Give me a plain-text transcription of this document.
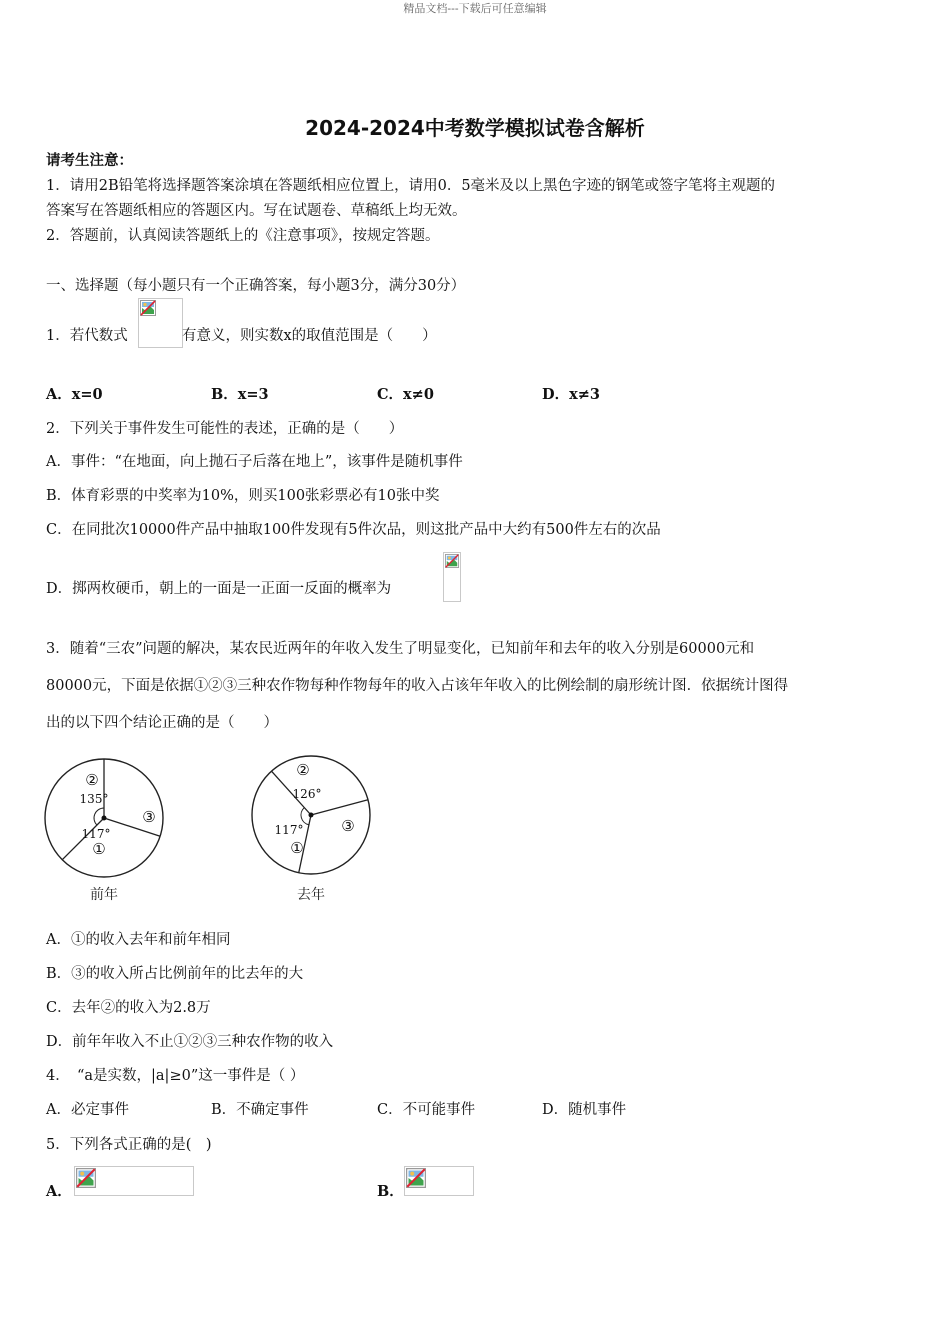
精品文档---下载后可任意编辑
2024-2024中考数学模拟试卷含解析
请考生注意：
1．请用2B铅笔将选择题答案涂填在答题纸相应位置上，请用0．5毫米及以上黑色字迹的钢笔或签字笔将主观题的
答案写在答题纸相应的答题区内。写在试题卷、草稿纸上均无效。
2．答题前，认真阅读答题纸上的《注意事项》，按规定答题。
一、选择题（每小题只有一个正确答案，每小题3分，满分30分）
1．若代数式	有意义，则实数x的取值范围是（　　）
A．x=0	B．x=3	C．x≠0	D．x≠3
2．下列关于事件发生可能性的表述，正确的是（　　）
A．事件：“在地面，向上抛石子后落在地上”，该事件是随机事件
B．体育彩票的中奖率为10%，则买100张彩票必有10张中奖
C．在同批次10000件产品中抽取100件发现有5件次品，则这批产品中大约有500件左右的次品
D．掷两枚硬币，朝上的一面是一正面一反面的概率为
3．随着“三农”问题的解决，某农民近两年的年收入发生了明显变化，已知前年和去年的收入分别是60000元和
80000元，下面是依据①②③三种农作物每种作物每年的收入占该年年收入的比例绘制的扇形统计图．依据统计图得
出的以下四个结论正确的是（　　）
②
①
③
135°
117°
前年
②
①
③
126°
117°
去年
A．①的收入去年和前年相同
B．③的收入所占比例前年的比去年的大
C．去年②的收入为2.8万
D．前年年收入不止①②③三种农作物的收入
4．　“a是实数，|a|≥0”这一事件是（ ）
A．必定事件	B．不确定事件	C．不可能事件	D．随机事件
5．下列各式正确的是(　)
A．	B．
